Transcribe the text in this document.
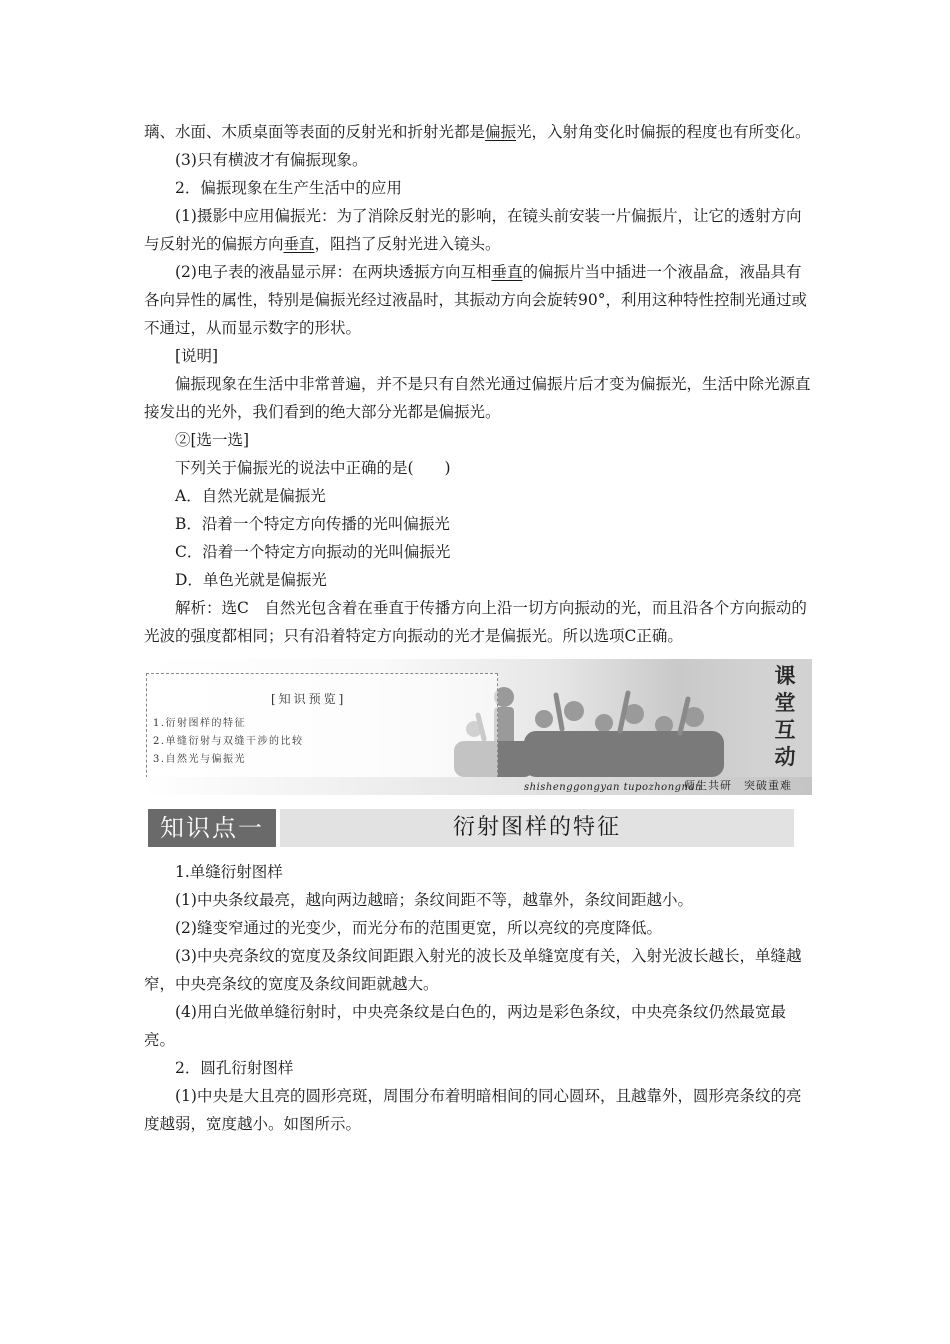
璃、水面、木质桌面等表面的反射光和折射光都是偏振光，入射角变化时偏振的程度也有所变化。

(3)只有横波才有偏振现象。

2．偏振现象在生产生活中的应用

(1)摄影中应用偏振光：为了消除反射光的影响，在镜头前安装一片偏振片，让它的透射方向与反射光的偏振方向垂直，阻挡了反射光进入镜头。

(2)电子表的液晶显示屏：在两块透振方向互相垂直的偏振片当中插进一个液晶盒，液晶具有各向异性的属性，特别是偏振光经过液晶时，其振动方向会旋转90°，利用这种特性控制光通过或不通过，从而显示数字的形状。

[说明]

偏振现象在生活中非常普遍，并不是只有自然光通过偏振片后才变为偏振光，生活中除光源直接发出的光外，我们看到的绝大部分光都是偏振光。

②[选一选]

下列关于偏振光的说法中正确的是(　　)

A．自然光就是偏振光

B．沿着一个特定方向传播的光叫偏振光

C．沿着一个特定方向振动的光叫偏振光

D．单色光就是偏振光

解析：选C　自然光包含着在垂直于传播方向上沿一切方向振动的光，而且沿各个方向振动的光波的强度都相同；只有沿着特定方向振动的光才是偏振光。所以选项C正确。

[知识预览]
1.衍射图样的特征
2.单缝衍射与双缝干涉的比较
3.自然光与偏振光
课
堂
互
动
shishenggongyan tupozhongnan
师生共研　突破重难
知识点一	衍射图样的特征

1.单缝衍射图样

(1)中央条纹最亮，越向两边越暗；条纹间距不等，越靠外，条纹间距越小。

(2)缝变窄通过的光变少，而光分布的范围更宽，所以亮纹的亮度降低。

(3)中央亮条纹的宽度及条纹间距跟入射光的波长及单缝宽度有关，入射光波长越长，单缝越窄，中央亮条纹的宽度及条纹间距就越大。

(4)用白光做单缝衍射时，中央亮条纹是白色的，两边是彩色条纹，中央亮条纹仍然最宽最亮。

2．圆孔衍射图样

(1)中央是大且亮的圆形亮斑，周围分布着明暗相间的同心圆环，且越靠外，圆形亮条纹的亮度越弱，宽度越小。如图所示。
